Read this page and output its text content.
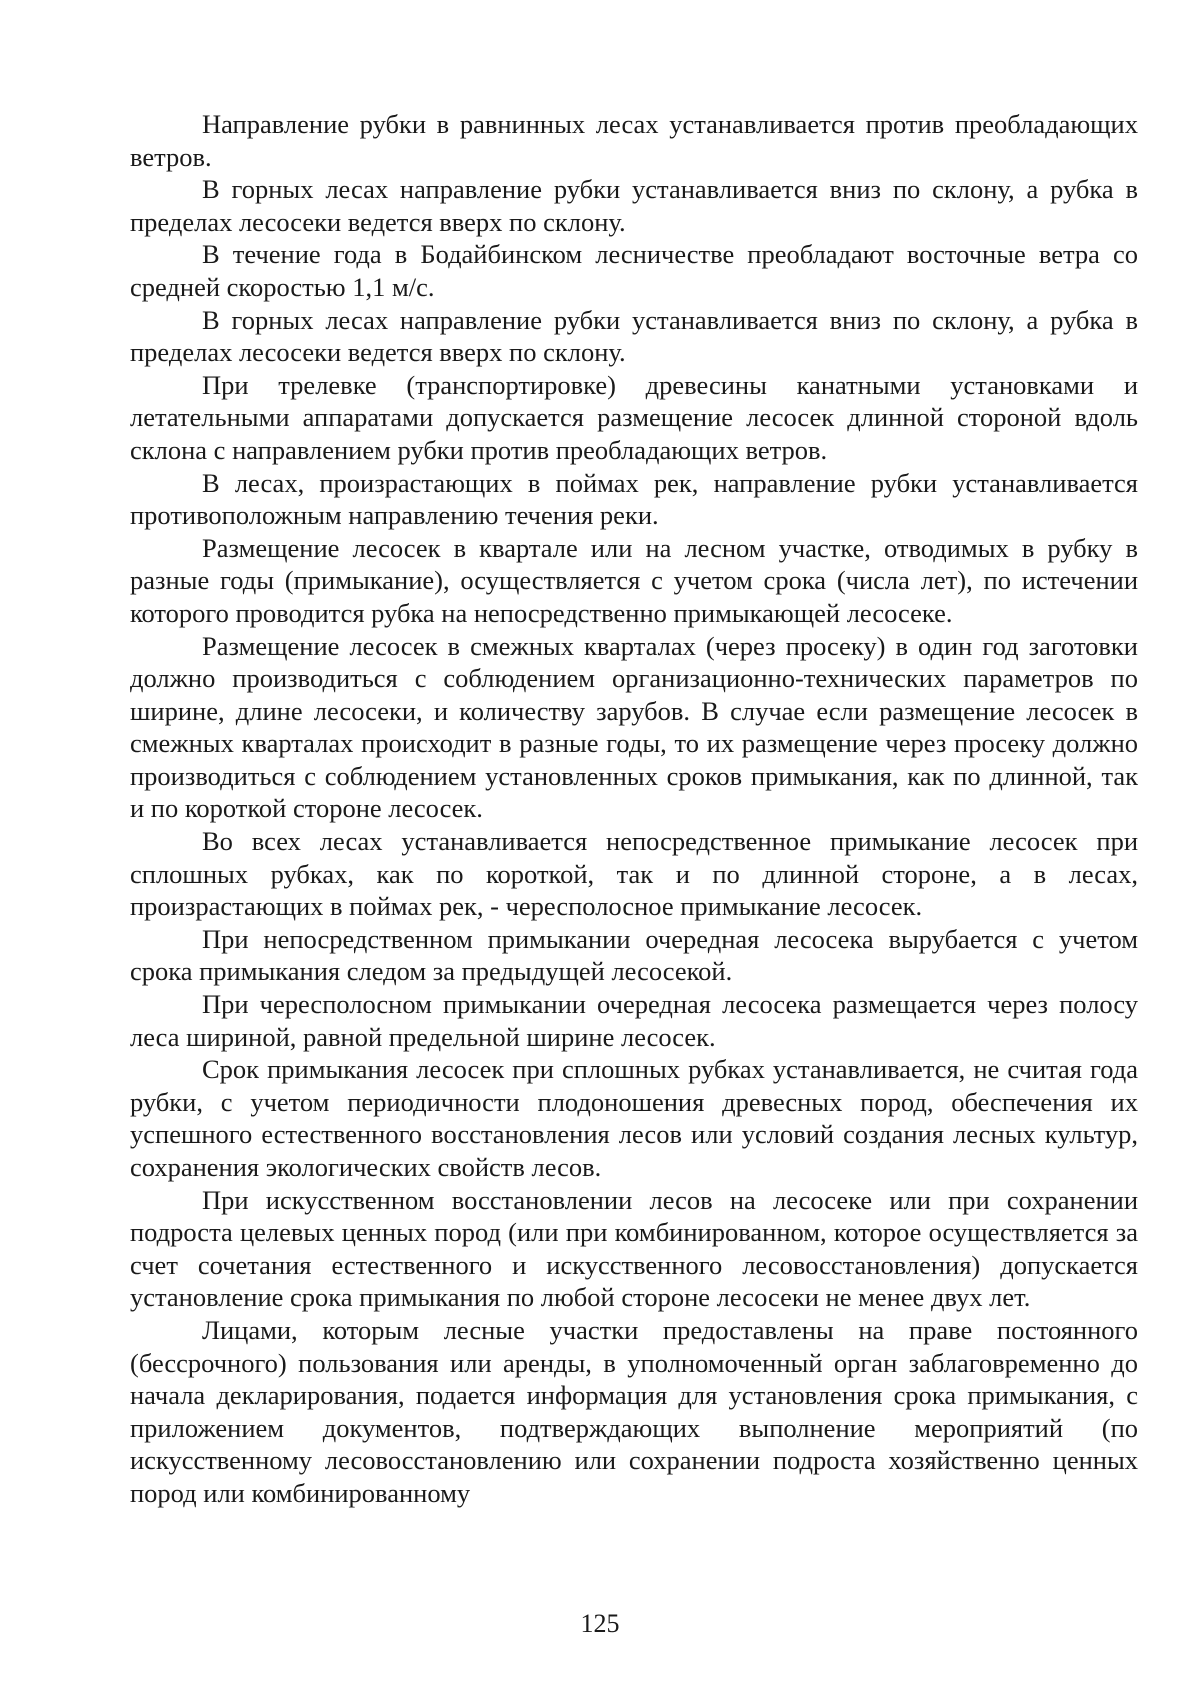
Направление рубки в равнинных лесах устанавливается против преобладающих ветров.

В горных лесах направление рубки устанавливается вниз по склону, а рубка в пределах лесосеки ведется вверх по склону.

В течение года в Бодайбинском лесничестве преобладают восточные ветра со средней скоростью 1,1 м/с.

В горных лесах направление рубки устанавливается вниз по склону, а рубка в пределах лесосеки ведется вверх по склону.

При трелевке (транспортировке) древесины канатными установками и летательными аппаратами допускается размещение лесосек длинной стороной вдоль склона с направлением рубки против преобладающих ветров.

В лесах, произрастающих в поймах рек, направление рубки устанавливается противоположным направлению течения реки.

Размещение лесосек в квартале или на лесном участке, отводимых в рубку в разные годы (примыкание), осуществляется с учетом срока (числа лет), по истечении которого проводится рубка на непосредственно примыкающей лесосеке.

Размещение лесосек в смежных кварталах (через просеку) в один год заготовки должно производиться с соблюдением организационно-технических параметров по ширине, длине лесосеки, и количеству зарубов. В случае если размещение лесосек в смежных кварталах происходит в разные годы, то их размещение через просеку должно производиться с соблюдением установленных сроков примыкания, как по длинной, так и по короткой стороне лесосек.

Во всех лесах устанавливается непосредственное примыкание лесосек при сплошных рубках, как по короткой, так и по длинной стороне, а в лесах, произрастающих в поймах рек, - чересполосное примыкание лесосек.

При непосредственном примыкании очередная лесосека вырубается с учетом срока примыкания следом за предыдущей лесосекой.

При чересполосном примыкании очередная лесосека размещается через полосу леса шириной, равной предельной ширине лесосек.

Срок примыкания лесосек при сплошных рубках устанавливается, не считая года рубки, с учетом периодичности плодоношения древесных пород, обеспечения их успешного естественного восстановления лесов или условий создания лесных культур, сохранения экологических свойств лесов.

При искусственном восстановлении лесов на лесосеке или при сохранении подроста целевых ценных пород (или при комбинированном, которое осуществляется за счет сочетания естественного и искусственного лесовосстановления) допускается установление срока примыкания по любой стороне лесосеки не менее двух лет.

Лицами, которым лесные участки предоставлены на праве постоянного (бессрочного) пользования или аренды, в уполномоченный орган заблаговременно до начала декларирования, подается информация для установления срока примыкания, с приложением документов, подтверждающих выполнение мероприятий (по искусственному лесовосстановлению или сохранении подроста хозяйственно ценных пород или комбинированному

125
